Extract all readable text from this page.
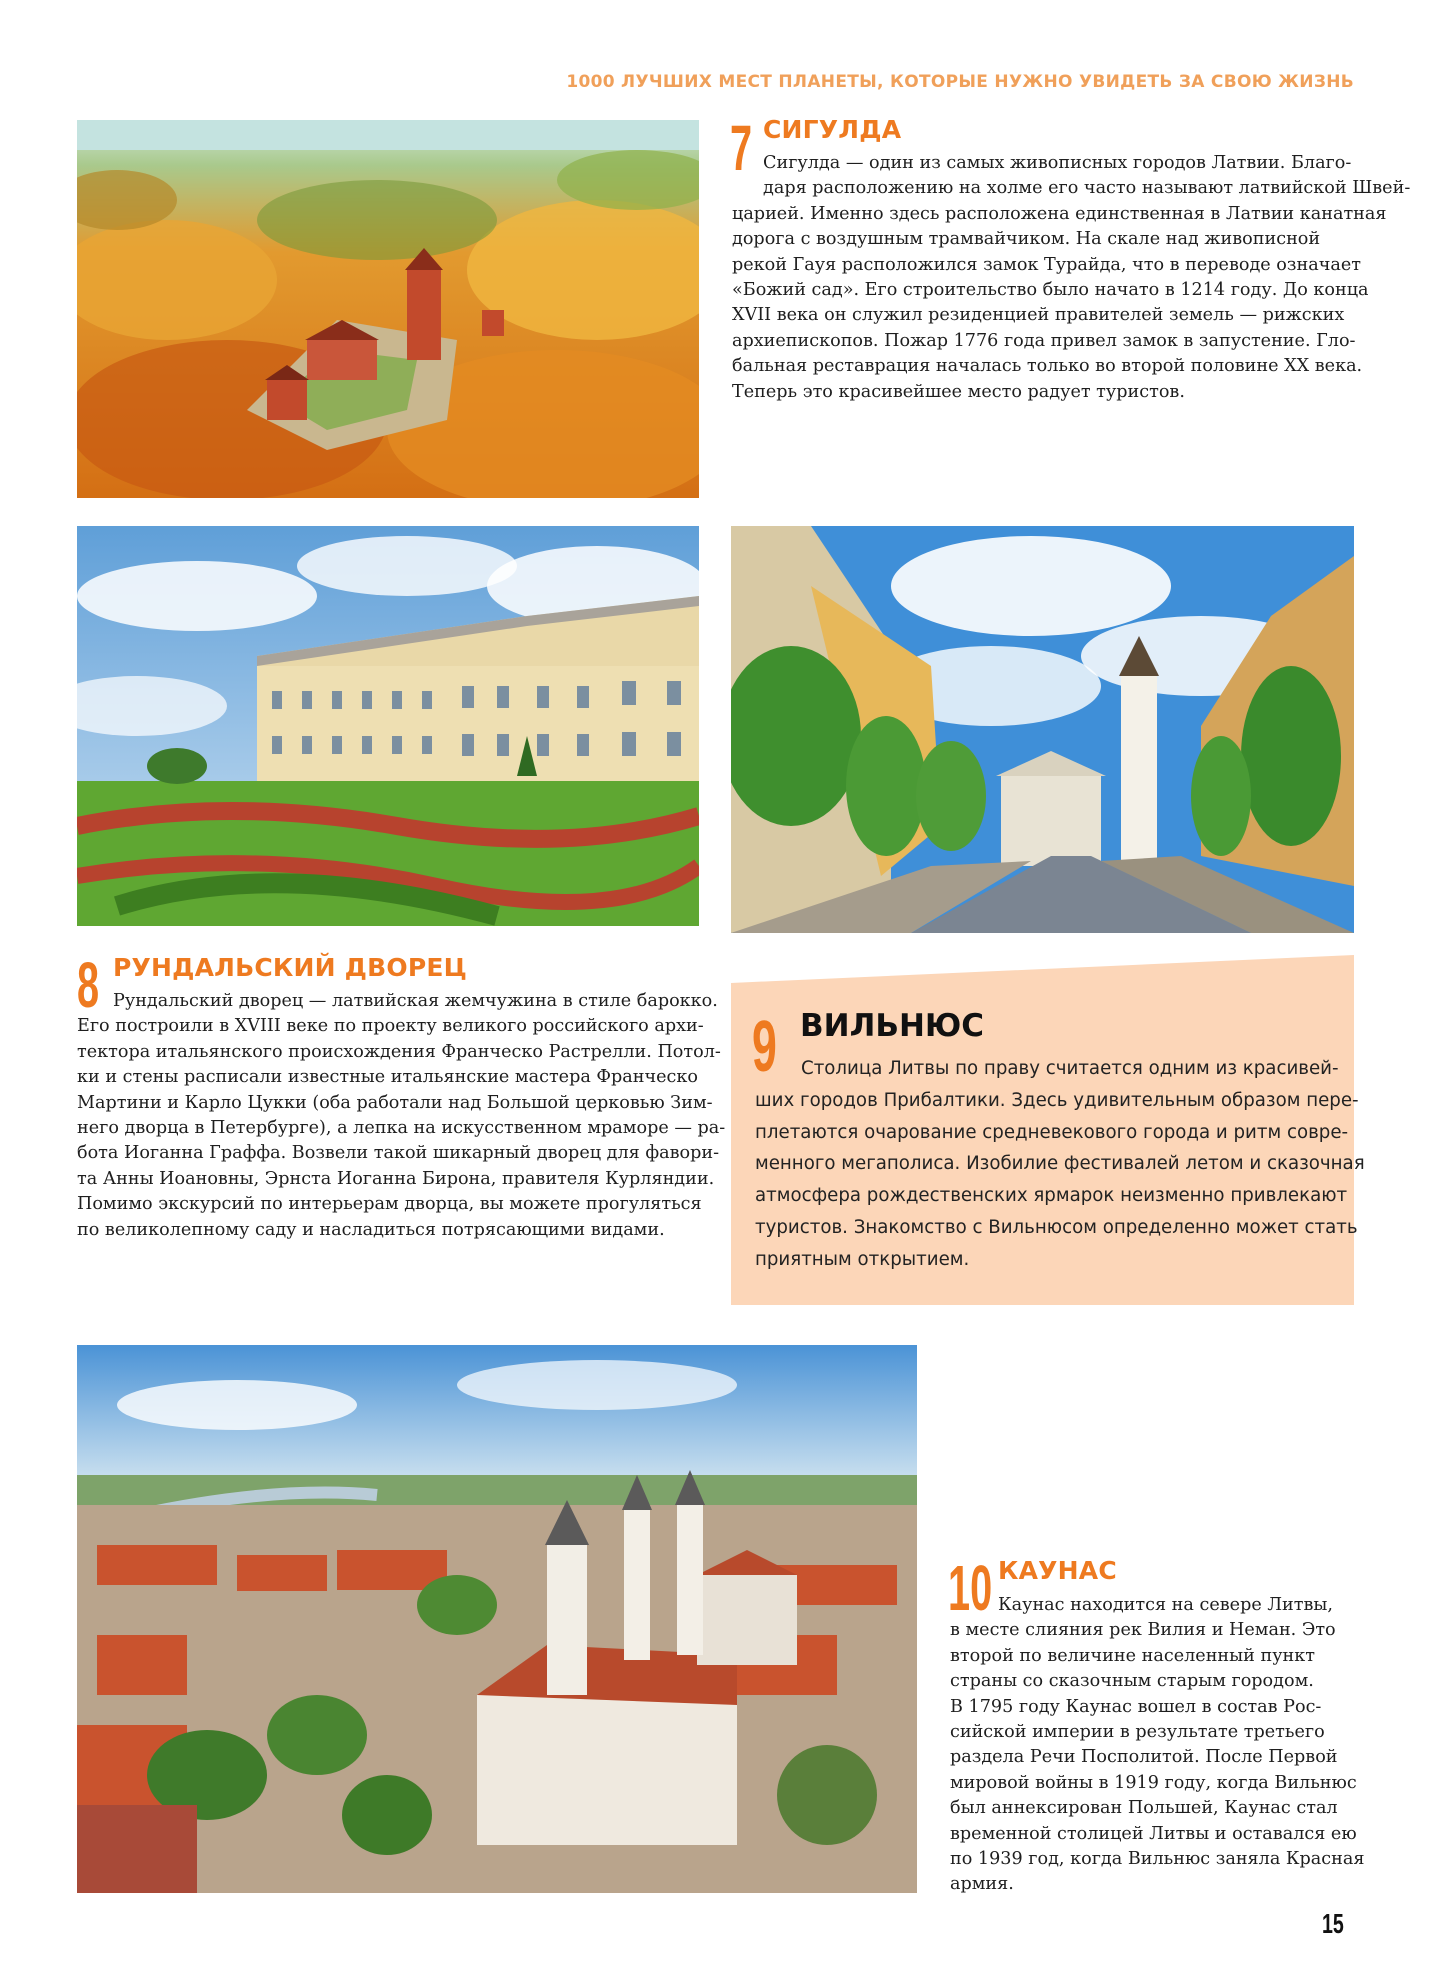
1000 ЛУЧШИХ МЕСТ ПЛАНЕТЫ, КОТОРЫЕ НУЖНО УВИДЕТЬ ЗА СВОЮ ЖИЗНЬ
7 СИГУЛДА
Сигулда — один из самых живописных городов Латвии. Благо-
даря расположению на холме его часто называют латвийской Швей-
царией. Именно здесь расположена единственная в Латвии канатная
дорога с воздушным трамвайчиком. На скале над живописной
рекой Гауя расположился замок Турайда, что в переводе означает
«Божий сад». Его строительство было начато в 1214 году. До конца
XVII века он служил резиденцией правителей земель — рижских
архиепископов. Пожар 1776 года привел замок в запустение. Гло-
бальная реставрация началась только во второй половине XX века.
Теперь это красивейшее место радует туристов.
8 РУНДАЛЬСКИЙ ДВОРЕЦ
Рундальский дворец — латвийская жемчужина в стиле барокко.
Его построили в XVIII веке по проекту великого российского архи-
тектора итальянского происхождения Франческо Растрелли. Потол-
ки и стены расписали известные итальянские мастера Франческо
Мартини и Карло Цукки (оба работали над Большой церковью Зим-
него дворца в Петербурге), а лепка на искусственном мраморе — ра-
бота Иоганна Граффа. Возвели такой шикарный дворец для фавори-
та Анны Иоановны, Эрнста Иоганна Бирона, правителя Курляндии.
Помимо экскурсий по интерьерам дворца, вы можете прогуляться
по великолепному саду и насладиться потрясающими видами.
9 ВИЛЬНЮС
Столица Литвы по праву считается одним из красивей-
ших городов Прибалтики. Здесь удивительным образом пере-
плетаются очарование средневекового города и ритм совре-
менного мегаполиса. Изобилие фестивалей летом и сказочная
атмосфера рождественских ярмарок неизменно привлекают
туристов. Знакомство с Вильнюсом определенно может стать
приятным открытием.
10 КАУНАС
Каунас находится на севере Литвы,
в месте слияния рек Вилия и Неман. Это
второй по величине населенный пункт
страны со сказочным старым городом.
В 1795 году Каунас вошел в состав Рос-
сийской империи в результате третьего
раздела Речи Посполитой. После Первой
мировой войны в 1919 году, когда Вильнюс
был аннексирован Польшей, Каунас стал
временной столицей Литвы и оставался ею
по 1939 год, когда Вильнюс заняла Красная
армия.
15
